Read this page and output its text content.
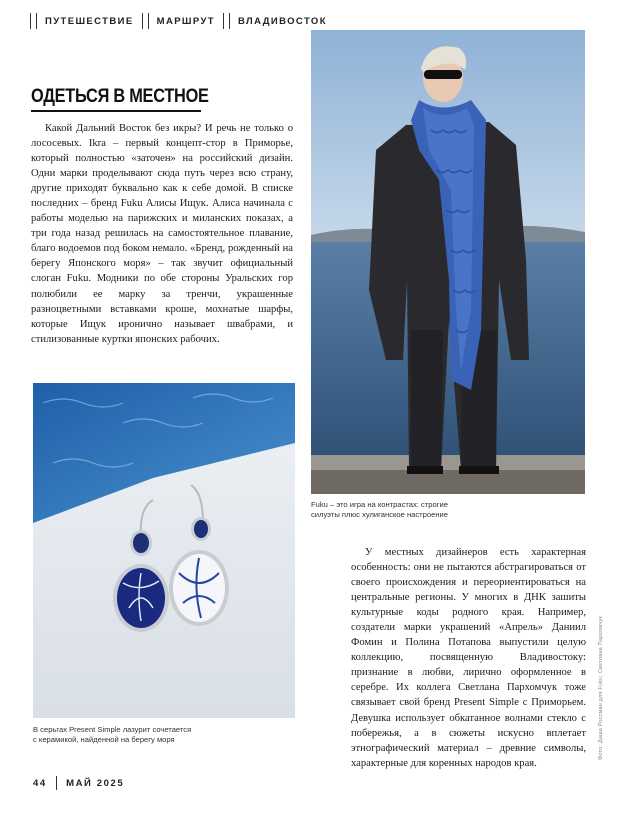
ПУТЕШЕСТВИЕ МАРШРУТ ВЛАДИВОСТОК
ОДЕТЬСЯ В МЕСТНОЕ

Какой Дальний Восток без икры? И речь не только о лососевых. Ikra – первый концепт-стор в Приморье, который полностью «заточен» на российский дизайн. Одни марки проделывают сюда путь через всю страну, другие приходят буквально как к себе домой. В списке последних – бренд Fuku Алисы Ищук. Алиса начинала с работы моделью на парижских и миланских показах, а три года назад решилась на самостоятельное плавание, благо водоемов под боком немало. «Бренд, рожденный на берегу Японского моря» – так звучит официальный слоган Fuku. Модники по обе стороны Уральских гор полюбили ее марку за тренчи, украшенные разноцветными вставками крошe, мохнатые шарфы, которые Ищук иронично называет швабрами, и стилизованные куртки японских рабочих.

Fuku – это игра на контрастах: строгие силуэты плюс хулиганское настроение

В серьгах Present Simple лазурит сочетается с керамикой, найденной на берегу моря

У местных дизайнеров есть характерная особенность: они не пытаются абстрагироваться от своего происхождения и переориентироваться на центральные регионы. У многих в ДНК зашиты культурные коды родного края. Например, создатели марки украшений «Апрель» Даниил Фомин и Полина Потапова выпустили целую коллекцию, посвященную Владивостоку: признание в любви, лирично оформленное в серебре. Их коллега Светлана Пархомчук тоже связывает свой бренд Present Simple с Приморьем. Девушка использует обкатанное волнами стекло с побережья, а в сюжеты искусно вплетает этнографический материал – древние символы, характерные для коренных народов края.

Фото: Даша Россман для Fuku; Светлана Пархомчук
44 МАЙ 2025
